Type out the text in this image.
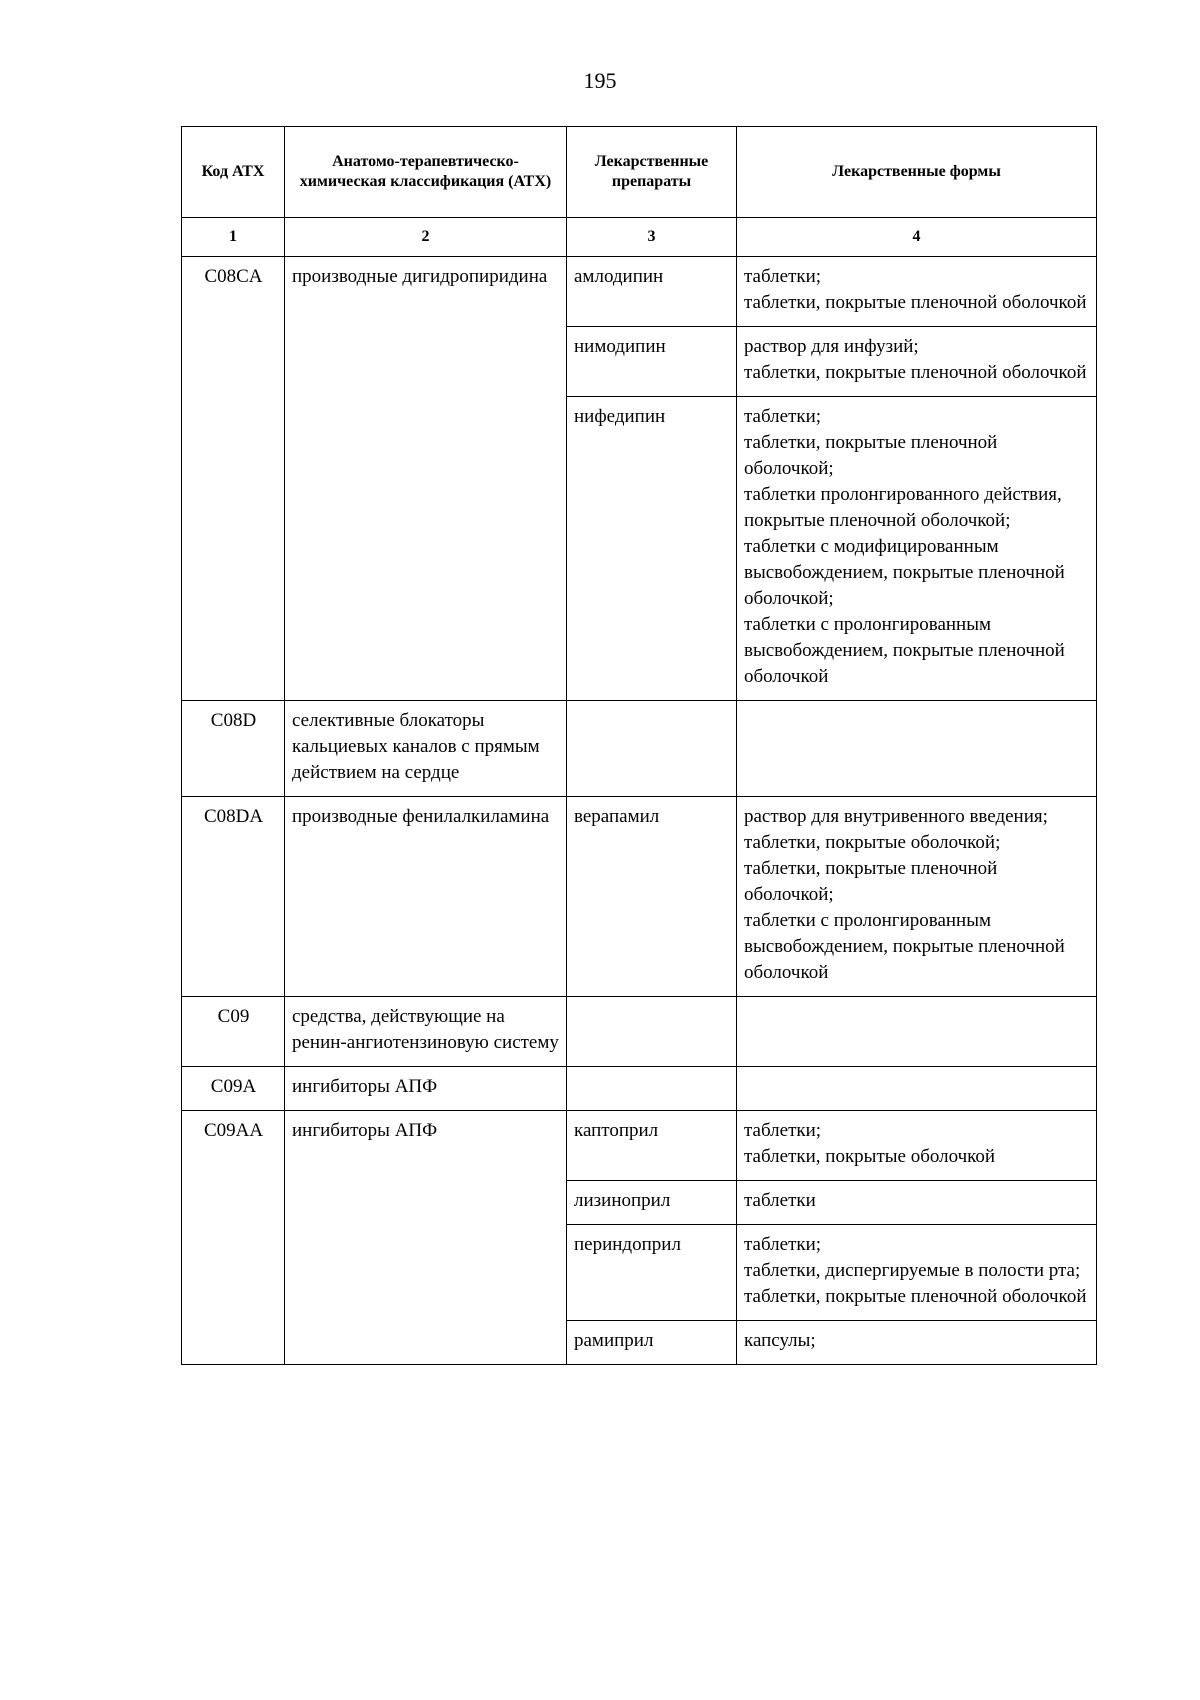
195
Код АТХ	Анатомо-терапевтическо-химическая классификация (АТХ)	Лекарственные препараты	Лекарственные формы
1	2	3	4
C08CA	производные дигидропиридина	амлодипин	таблетки;
таблетки, покрытые пленочной оболочкой

		нимодипин	раствор для инфузий;
таблетки, покрытые пленочной оболочкой

		нифедипин	таблетки;
таблетки, покрытые пленочной оболочкой;
таблетки пролонгированного действия, покрытые пленочной оболочкой;
таблетки с модифицированным высвобождением, покрытые пленочной оболочкой;
таблетки с пролонгированным высвобождением, покрытые пленочной оболочкой

C08D	селективные блокаторы кальциевых каналов с прямым действием на сердце		
C08DA	производные фенилалкиламина	верапамил	раствор для внутривенного введения;
таблетки, покрытые оболочкой;
таблетки, покрытые пленочной оболочкой;
таблетки с пролонгированным высвобождением, покрытые пленочной оболочкой

C09	средства, действующие на ренин-ангиотензиновую систему		
C09A	ингибиторы АПФ		
C09AA	ингибиторы АПФ	каптоприл	таблетки;
таблетки, покрытые оболочкой

		лизиноприл	таблетки

		периндоприл	таблетки;
таблетки, диспергируемые в полости рта;
таблетки, покрытые пленочной оболочкой

		рамиприл	капсулы;
